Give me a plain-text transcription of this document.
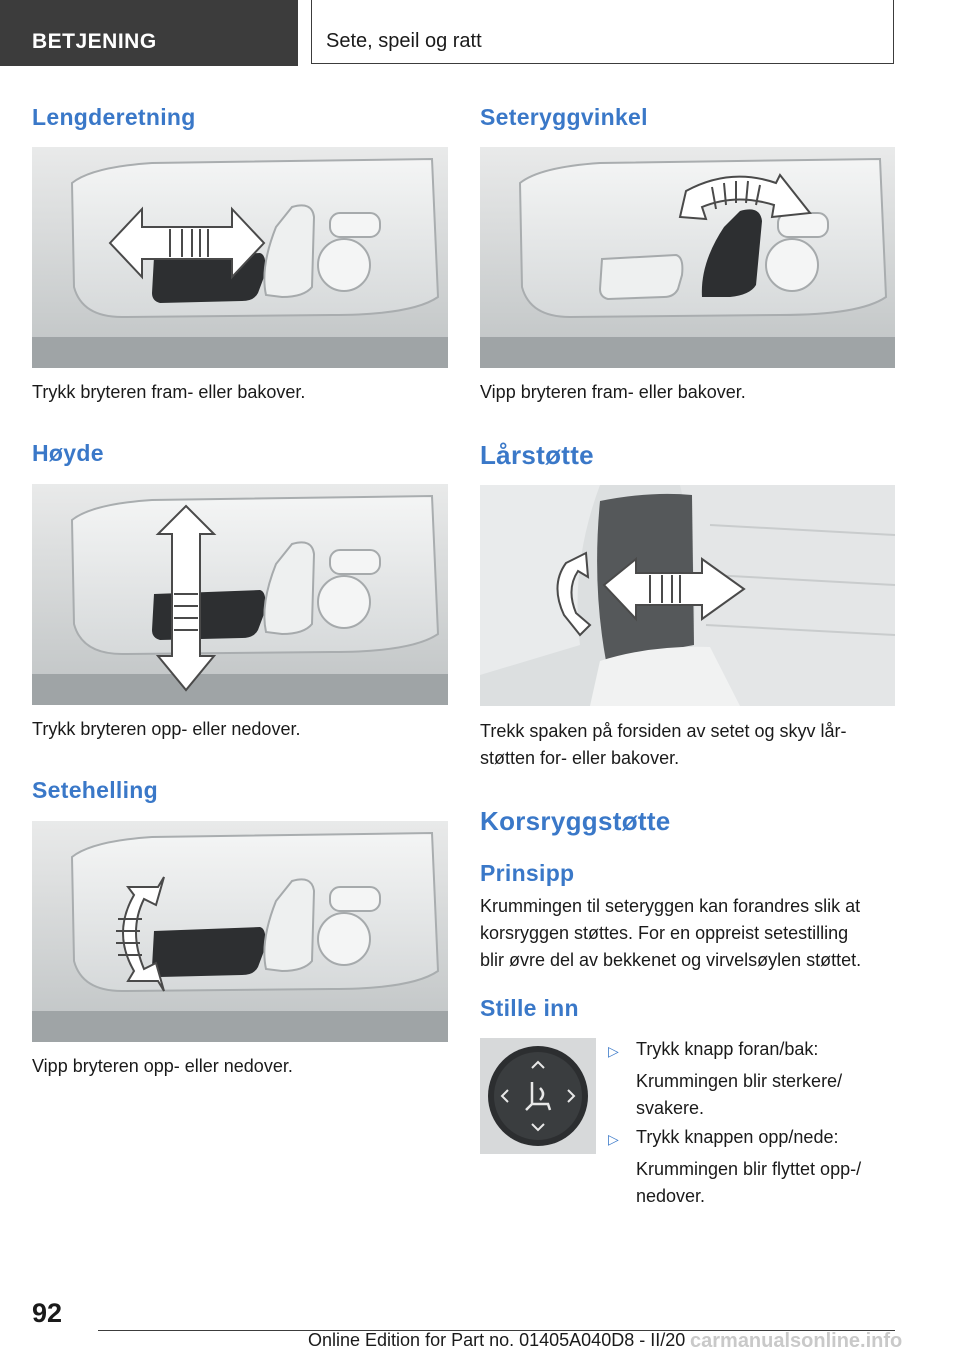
BETJENING	Sete, speil og ratt
Lengderetning

Trykk bryteren fram- eller bakover.

Høyde

Trykk bryteren opp- eller nedover.

Setehelling

Vipp bryteren opp- eller nedover.

Seteryggvinkel

Vipp bryteren fram- eller bakover.

Lårstøtte

Trekk spaken på forsiden av setet og skyv lår-
støtten for- eller bakover.

Korsryggstøtte
Prinsipp

Krummingen til seteryggen kan forandres slik at
korsryggen støttes. For en oppreist setestilling
blir øvre del av bekkenet og virvelsøylen støttet.

Stille inn
▷ Trykk knapp foran/bak:
Krummingen blir sterkere/
svakere.
▷ Trykk knappen opp/nede:
Krummingen blir flyttet opp-/
nedover.
92
Online Edition for Part no. 01405A040D8 - II/20 carmanualsonline.info
